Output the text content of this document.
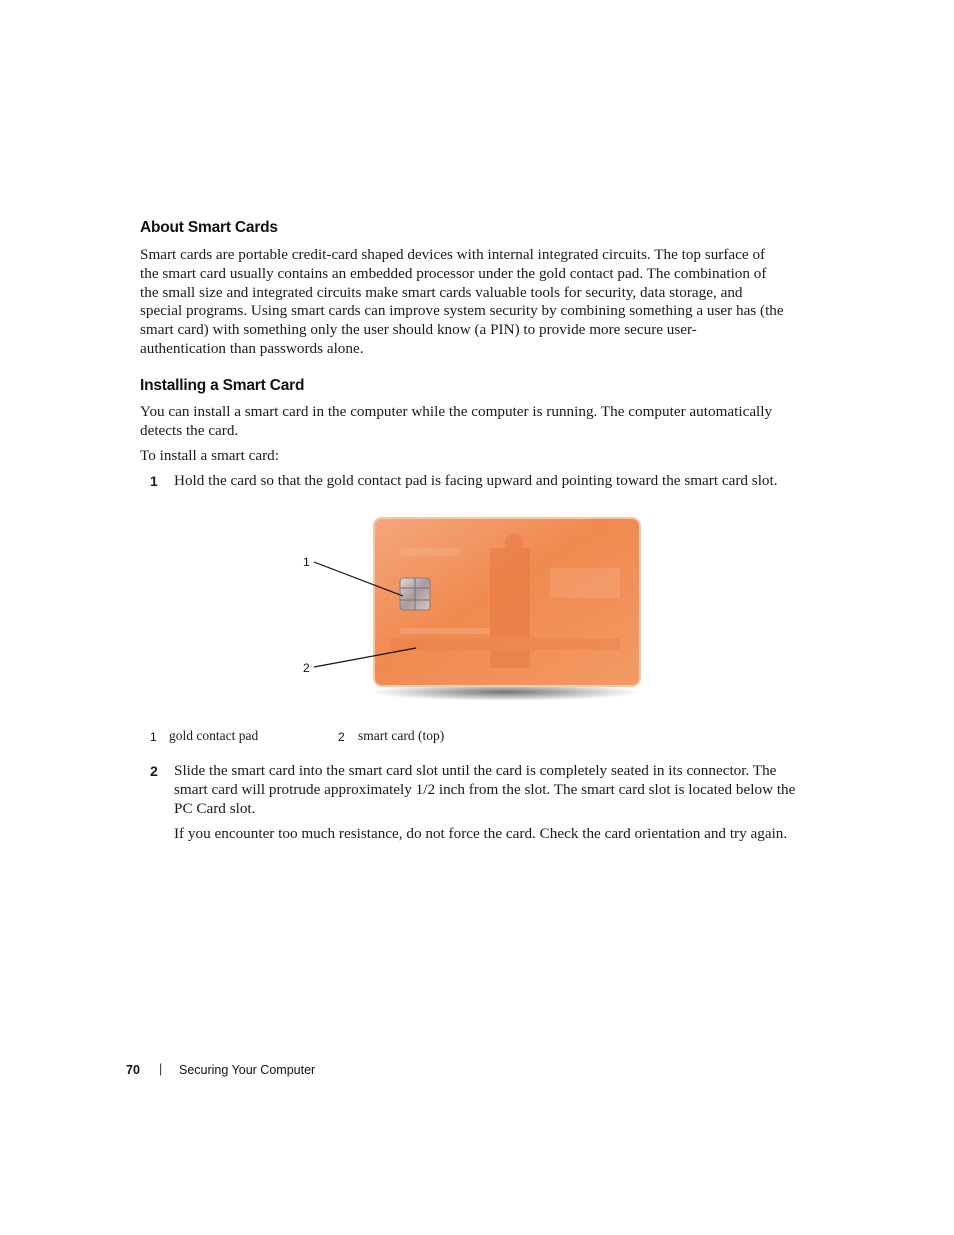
About Smart Cards
Smart cards are portable credit-card shaped devices with internal integrated circuits. The top surface of
the smart card usually contains an embedded processor under the gold contact pad. The combination of
the small size and integrated circuits make smart cards valuable tools for security, data storage, and
special programs. Using smart cards can improve system security by combining something a user has (the
smart card) with something only the user should know (a PIN) to provide more secure user-
authentication than passwords alone.
Installing a Smart Card
You can install a smart card in the computer while the computer is running. The computer automatically
detects the card.
To install a smart card:
1 Hold the card so that the gold contact pad is facing upward and pointing toward the smart card slot.
1
2
1 gold contact pad	2 smart card (top)
2 Slide the smart card into the smart card slot until the card is completely seated in its connector. The
smart card will protrude approximately 1/2 inch from the slot. The smart card slot is located below the
PC Card slot.
If you encounter too much resistance, do not force the card. Check the card orientation and try again.
70 | Securing Your Computer
